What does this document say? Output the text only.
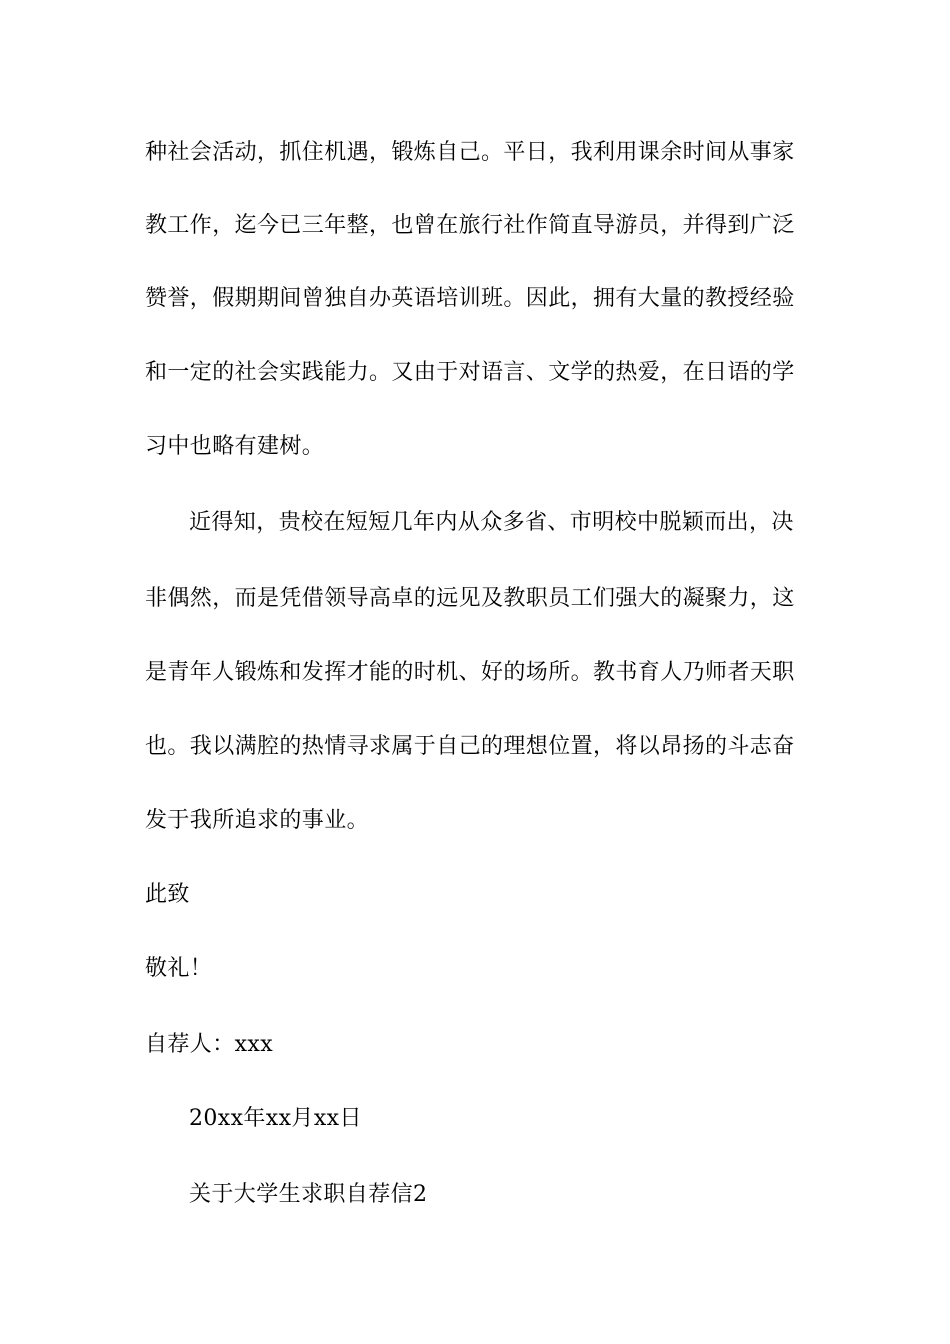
种社会活动，抓住机遇，锻炼自己。平日，我利用课余时间从事家
教工作，迄今已三年整，也曾在旅行社作简直导游员，并得到广泛
赞誉，假期期间曾独自办英语培训班。因此，拥有大量的教授经验
和一定的社会实践能力。又由于对语言、文学的热爱，在日语的学
习中也略有建树。
近得知，贵校在短短几年内从众多省、市明校中脱颖而出，决
非偶然，而是凭借领导高卓的远见及教职员工们强大的凝聚力，这
是青年人锻炼和发挥才能的时机、好的场所。教书育人乃师者天职
也。我以满腔的热情寻求属于自己的理想位置，将以昂扬的斗志奋
发于我所追求的事业。
此致
敬礼！
自荐人：xxx
20xx年xx月xx日
关于大学生求职自荐信2
